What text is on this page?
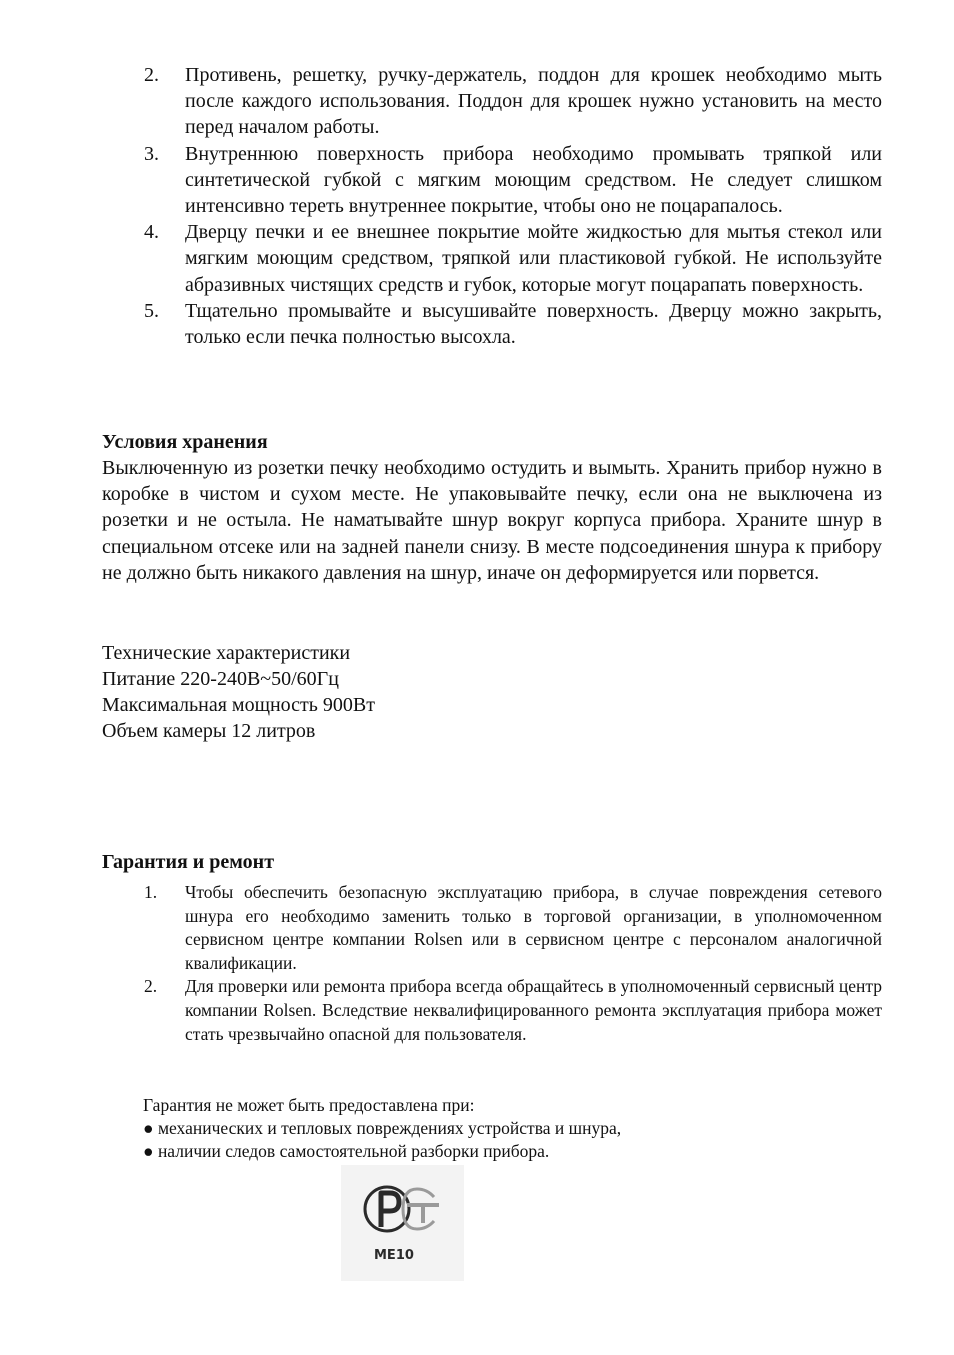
2. Противень, решетку, ручку-держатель, поддон для крошек необходимо мыть после каждого использования. Поддон для крошек нужно установить на место перед началом работы.
3. Внутреннюю поверхность прибора необходимо промывать тряпкой или синтетической губкой с мягким моющим средством. Не следует слишком интенсивно тереть внутреннее покрытие, чтобы оно не поцарапалось.
4. Дверцу печки и ее внешнее покрытие мойте жидкостью для мытья стекол или мягким моющим средством, тряпкой или пластиковой губкой. Не используйте абразивных чистящих средств и губок, которые могут поцарапать поверхность.
5. Тщательно промывайте и высушивайте поверхность. Дверцу можно закрыть, только если печка полностью высохла.
Условия хранения
Выключенную из розетки печку необходимо остудить и вымыть. Хранить прибор нужно в коробке в чистом и сухом месте. Не упаковывайте печку, если она не выключена из розетки и не остыла. Не наматывайте шнур вокруг корпуса прибора. Храните шнур в специальном отсеке или на задней панели снизу. В месте подсоединения шнура к прибору не должно быть никакого давления на шнур, иначе он деформируется или порвется.
Технические характеристики
Питание 220-240В~50/60Гц
Максимальная мощность 900Вт
Объем камеры 12 литров
Гарантия и ремонт
1. Чтобы обеспечить безопасную эксплуатацию прибора, в случае повреждения сетевого шнура его необходимо заменить только в торговой организации, в уполномоченном сервисном центре компании Rolsen или в сервисном центре с персоналом аналогичной квалификации.
2. Для проверки или ремонта прибора всегда обращайтесь в уполномоченный сервисный центр компании Rolsen. Вследствие неквалифицированного ремонта эксплуатация прибора может стать чрезвычайно опасной для пользователя.
Гарантия не может быть предоставлена при:
● механических и тепловых повреждениях устройства и шнура,
● наличии следов самостоятельной разборки прибора.
МЕ10
